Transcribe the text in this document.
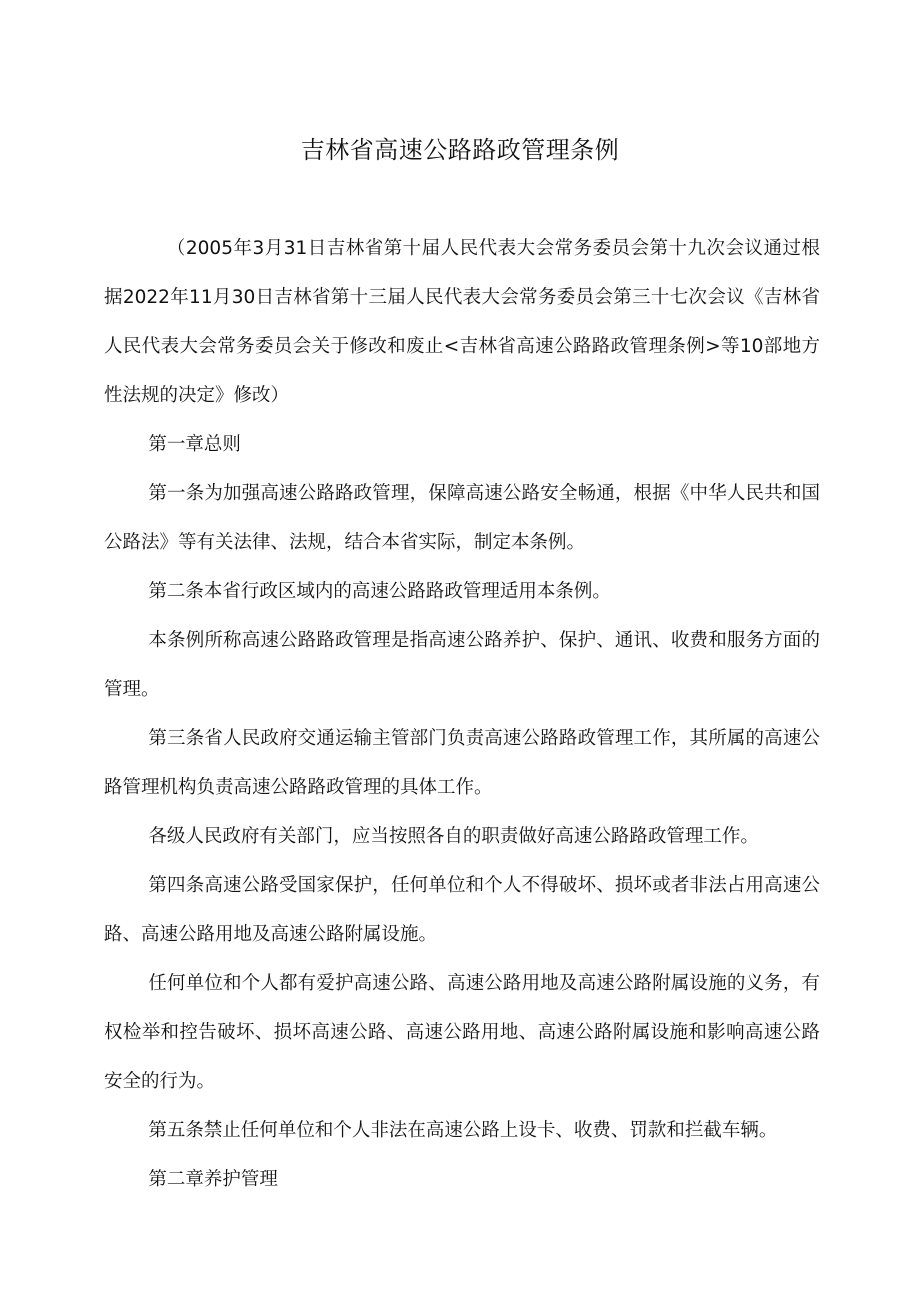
吉林省高速公路路政管理条例

（2005年3月31日吉林省第十届人民代表大会常务委员会第十九次会议通过根据2022年11月30日吉林省第十三届人民代表大会常务委员会第三十七次会议《吉林省人民代表大会常务委员会关于修改和废止<吉林省高速公路路政管理条例>等10部地方性法规的决定》修改）

第一章总则

第一条为加强高速公路路政管理，保障高速公路安全畅通，根据《中华人民共和国公路法》等有关法律、法规，结合本省实际，制定本条例。

第二条本省行政区域内的高速公路路政管理适用本条例。

本条例所称高速公路路政管理是指高速公路养护、保护、通讯、收费和服务方面的管理。

第三条省人民政府交通运输主管部门负责高速公路路政管理工作，其所属的高速公路管理机构负责高速公路路政管理的具体工作。

各级人民政府有关部门，应当按照各自的职责做好高速公路路政管理工作。

第四条高速公路受国家保护，任何单位和个人不得破坏、损坏或者非法占用高速公路、高速公路用地及高速公路附属设施。

任何单位和个人都有爱护高速公路、高速公路用地及高速公路附属设施的义务，有权检举和控告破坏、损坏高速公路、高速公路用地、高速公路附属设施和影响高速公路安全的行为。

第五条禁止任何单位和个人非法在高速公路上设卡、收费、罚款和拦截车辆。

第二章养护管理
